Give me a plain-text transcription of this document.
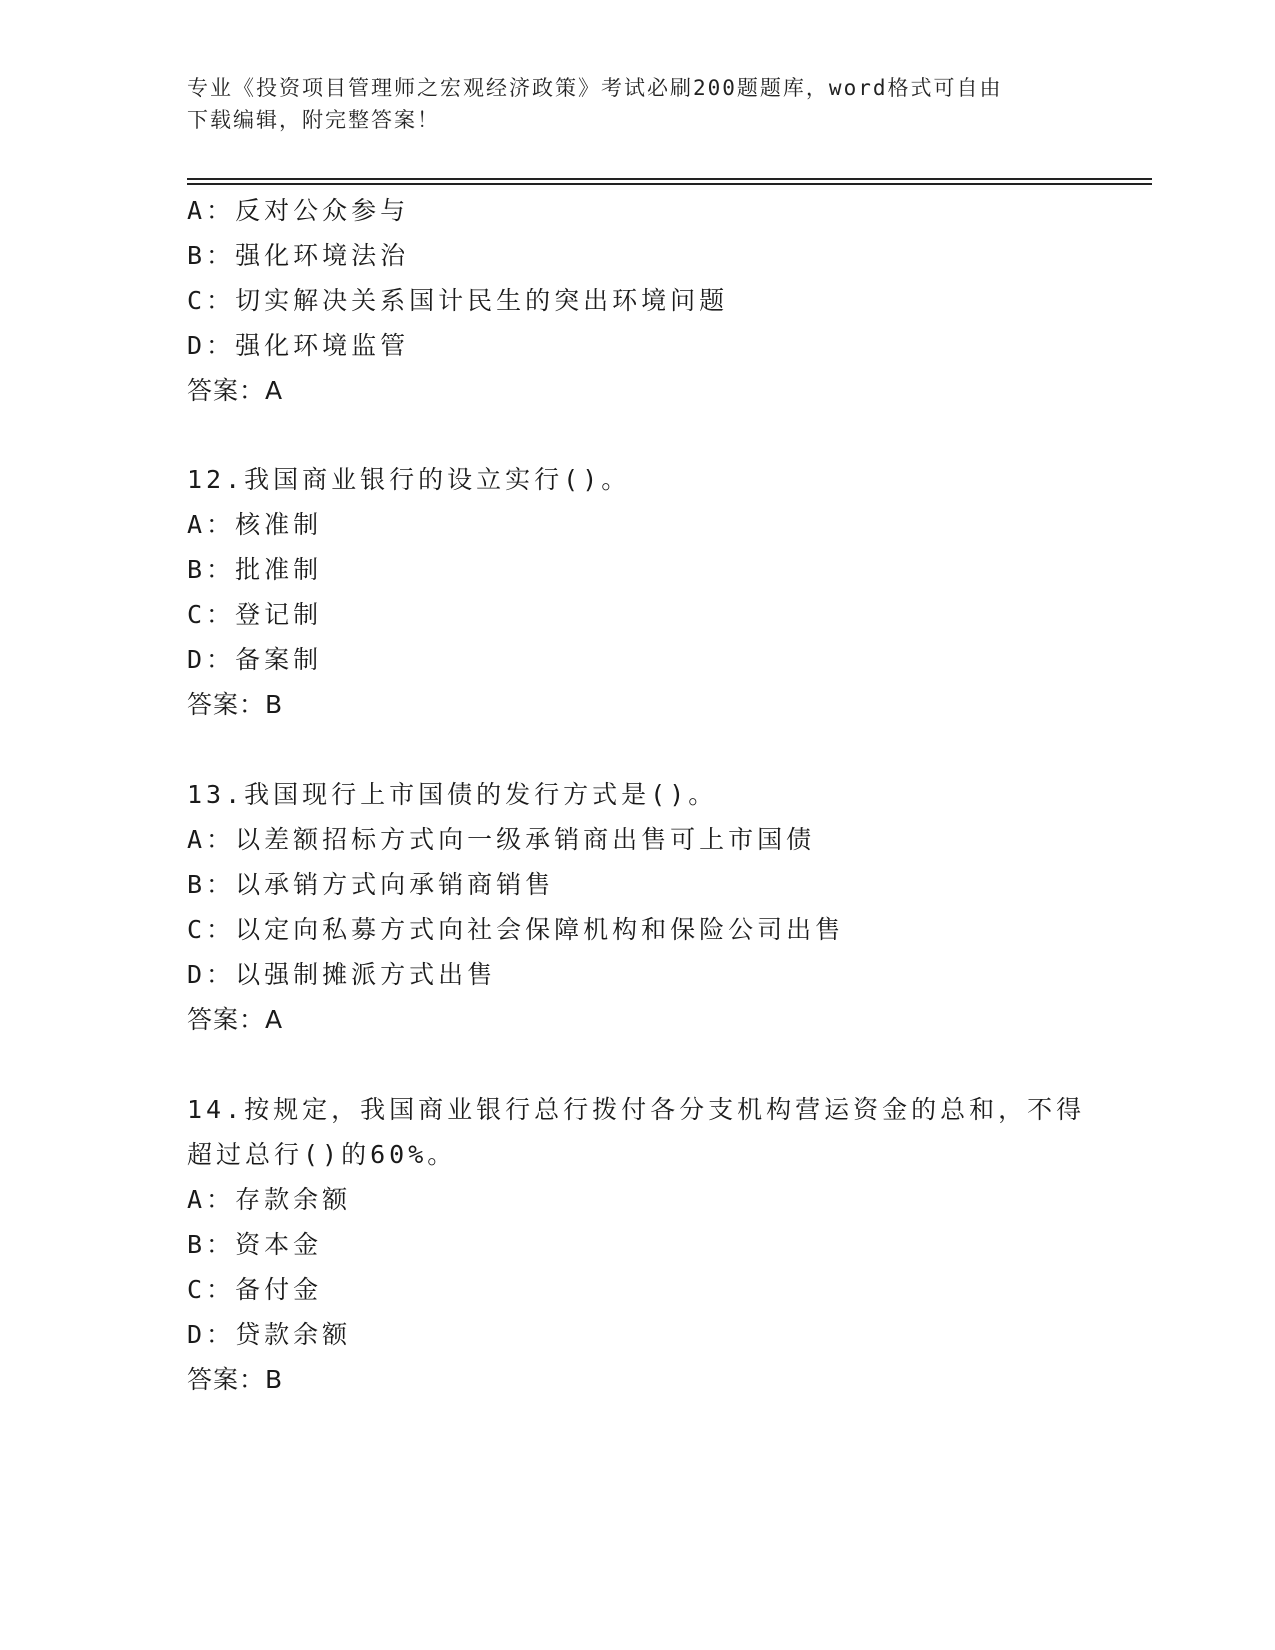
专业《投资项目管理师之宏观经济政策》考试必刷200题题库，word格式可自由
下载编辑，附完整答案！
A：反对公众参与
B：强化环境法治
C：切实解决关系国计民生的突出环境问题
D：强化环境监管
答案：A
12.我国商业银行的设立实行()。
A：核准制
B：批准制
C：登记制
D：备案制
答案：B
13.我国现行上市国债的发行方式是()。
A：以差额招标方式向一级承销商出售可上市国债
B：以承销方式向承销商销售
C：以定向私募方式向社会保障机构和保险公司出售
D：以强制摊派方式出售
答案：A
14.按规定，我国商业银行总行拨付各分支机构营运资金的总和，不得
超过总行()的60%。
A：存款余额
B：资本金
C：备付金
D：贷款余额
答案：B
